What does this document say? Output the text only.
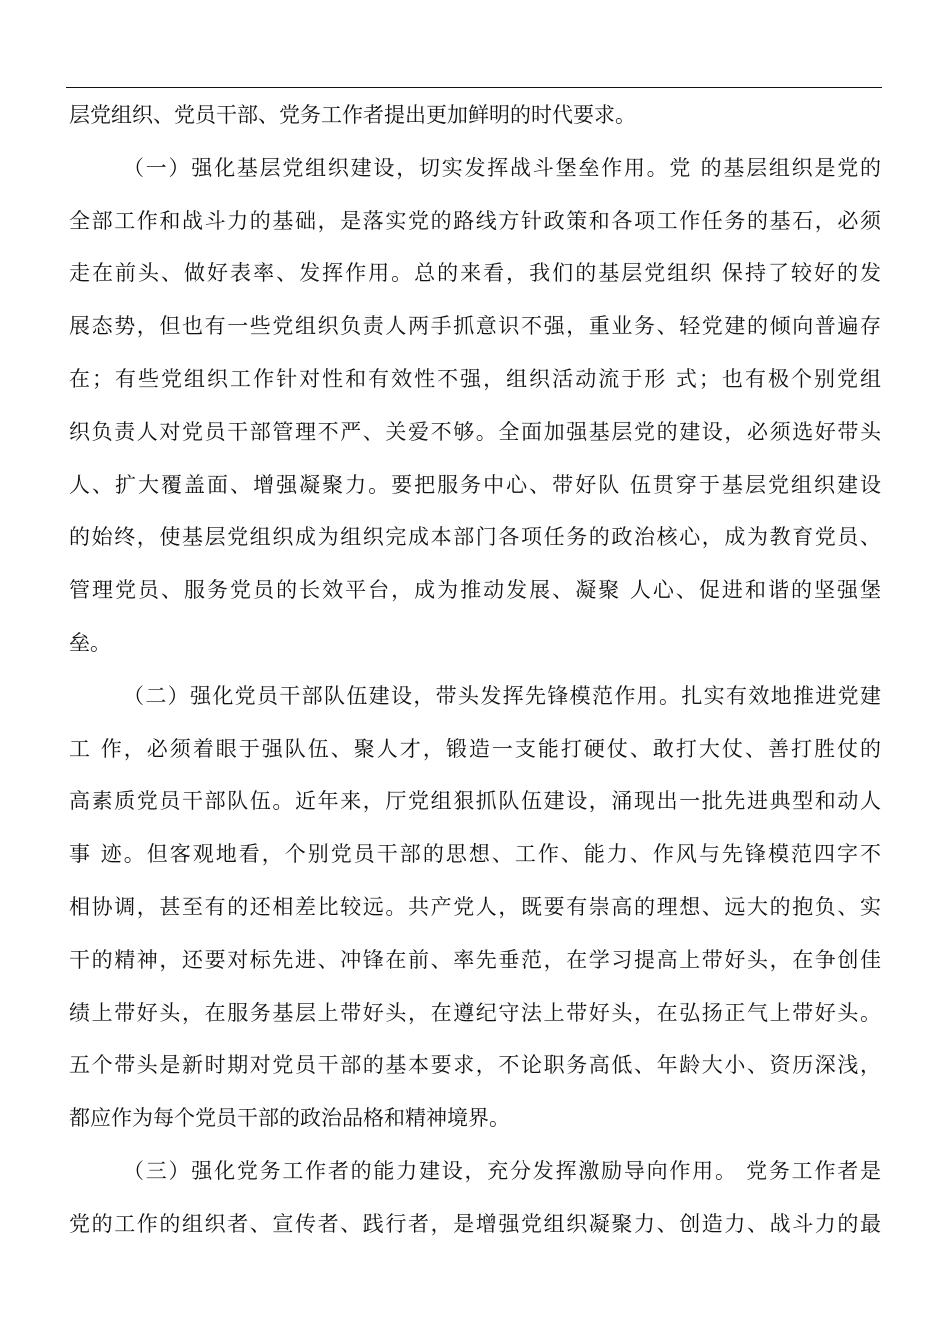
层党组织、党员干部、党务工作者提出更加鲜明的时代要求。
（一）强化基层党组织建设，切实发挥战斗堡垒作用。党 的基层组织是党的
全部工作和战斗力的基础，是落实党的路线方针政策和各项工作任务的基石，必须
走在前头、做好表率、发挥作用。总的来看，我们的基层党组织 保持了较好的发
展态势，但也有一些党组织负责人两手抓意识不强，重业务、轻党建的倾向普遍存
在；有些党组织工作针对性和有效性不强，组织活动流于形 式；也有极个别党组
织负责人对党员干部管理不严、关爱不够。全面加强基层党的建设，必须选好带头
人、扩大覆盖面、增强凝聚力。要把服务中心、带好队 伍贯穿于基层党组织建设
的始终，使基层党组织成为组织完成本部门各项任务的政治核心，成为教育党员、
管理党员、服务党员的长效平台，成为推动发展、凝聚 人心、促进和谐的坚强堡
垒。
（二）强化党员干部队伍建设，带头发挥先锋模范作用。扎实有效地推进党建
工 作，必须着眼于强队伍、聚人才，锻造一支能打硬仗、敢打大仗、善打胜仗的
高素质党员干部队伍。近年来，厅党组狠抓队伍建设，涌现出一批先进典型和动人
事 迹。但客观地看，个别党员干部的思想、工作、能力、作风与先锋模范四字不
相协调，甚至有的还相差比较远。共产党人，既要有崇高的理想、远大的抱负、实
干的精神，还要对标先进、冲锋在前、率先垂范，在学习提高上带好头，在争创佳
绩上带好头，在服务基层上带好头，在遵纪守法上带好头，在弘扬正气上带好头。
五个带头是新时期对党员干部的基本要求，不论职务高低、年龄大小、资历深浅，
都应作为每个党员干部的政治品格和精神境界。
（三）强化党务工作者的能力建设，充分发挥激励导向作用。 党务工作者是
党的工作的组织者、宣传者、践行者，是增强党组织凝聚力、创造力、战斗力的最
